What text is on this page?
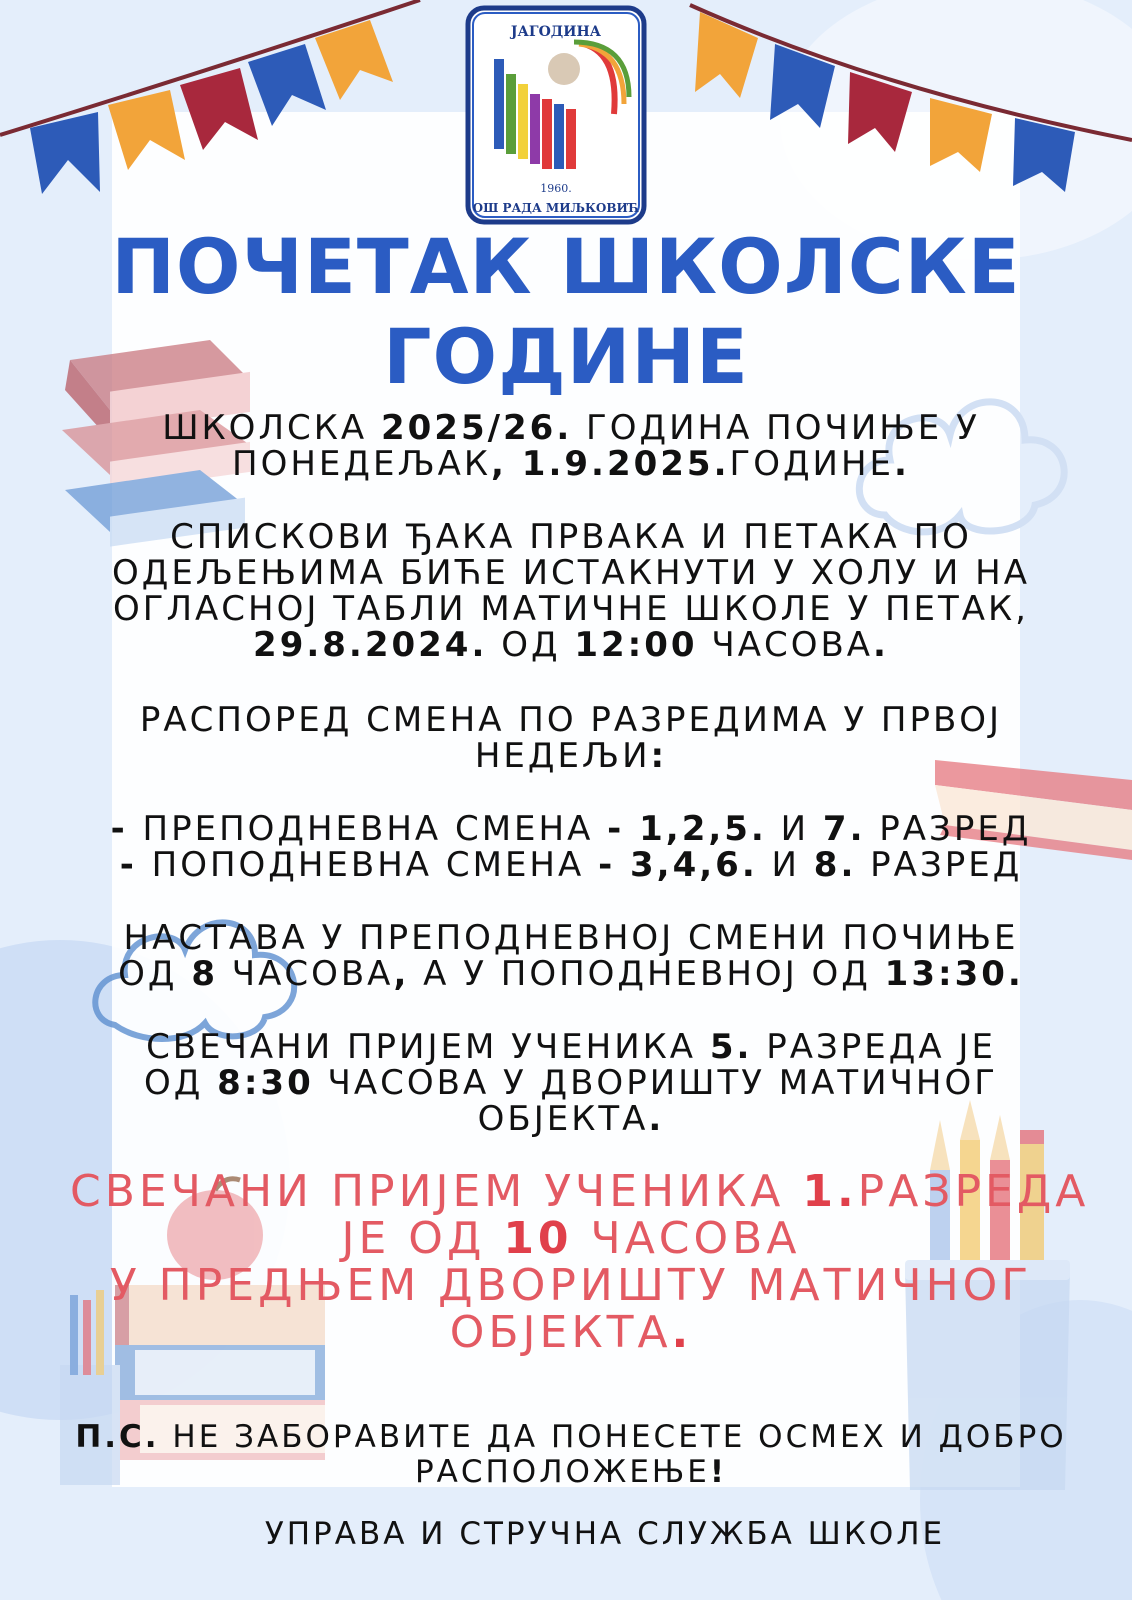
ЈАГОДИНА
1960.
ОШ РАДА МИЉКОВИЋ
ПОЧЕТАК ШКОЛСКЕ
ГОДИНЕ
ШКОЛСКА 2025/26. ГОДИНА ПОЧИЊЕ У
ПОНЕДЕЉАК, 1.9.2025.ГОДИНЕ.
СПИСКОВИ ЂАКА ПРВАКА И ПЕТАКА ПО
ОДЕЉЕЊИМА БИЋЕ ИСТАКНУТИ У ХОЛУ И НА
ОГЛАСНОЈ ТАБЛИ МАТИЧНЕ ШКОЛЕ У ПЕТАК,
29.8.2024. ОД 12:00 ЧАСОВА.
РАСПОРЕД СМЕНА ПО РАЗРЕДИМА У ПРВОЈ
НЕДЕЉИ:
- ПРЕПОДНЕВНА СМЕНА - 1,2,5. И 7. РАЗРЕД
- ПОПОДНЕВНА СМЕНА - 3,4,6. И 8. РАЗРЕД
НАСТАВА У ПРЕПОДНЕВНОЈ СМЕНИ ПОЧИЊЕ
ОД 8 ЧАСОВА, А У ПОПОДНЕВНОЈ ОД 13:30.
СВЕЧАНИ ПРИЈЕМ УЧЕНИКА 5. РАЗРЕДА ЈЕ
ОД 8:30 ЧАСОВА У ДВОРИШТУ МАТИЧНОГ
ОБЈЕКТА.
СВЕЧАНИ ПРИЈЕМ УЧЕНИКА 1.РАЗРЕДА
ЈЕ ОД 10 ЧАСОВА
У ПРЕДЊЕМ ДВОРИШТУ МАТИЧНОГ
ОБЈЕКТА.
П.С. НЕ ЗАБОРАВИТЕ ДА ПОНЕСЕТЕ ОСМЕХ И ДОБРО
РАСПОЛОЖЕЊЕ!
УПРАВА И СТРУЧНА СЛУЖБА ШКОЛЕ
